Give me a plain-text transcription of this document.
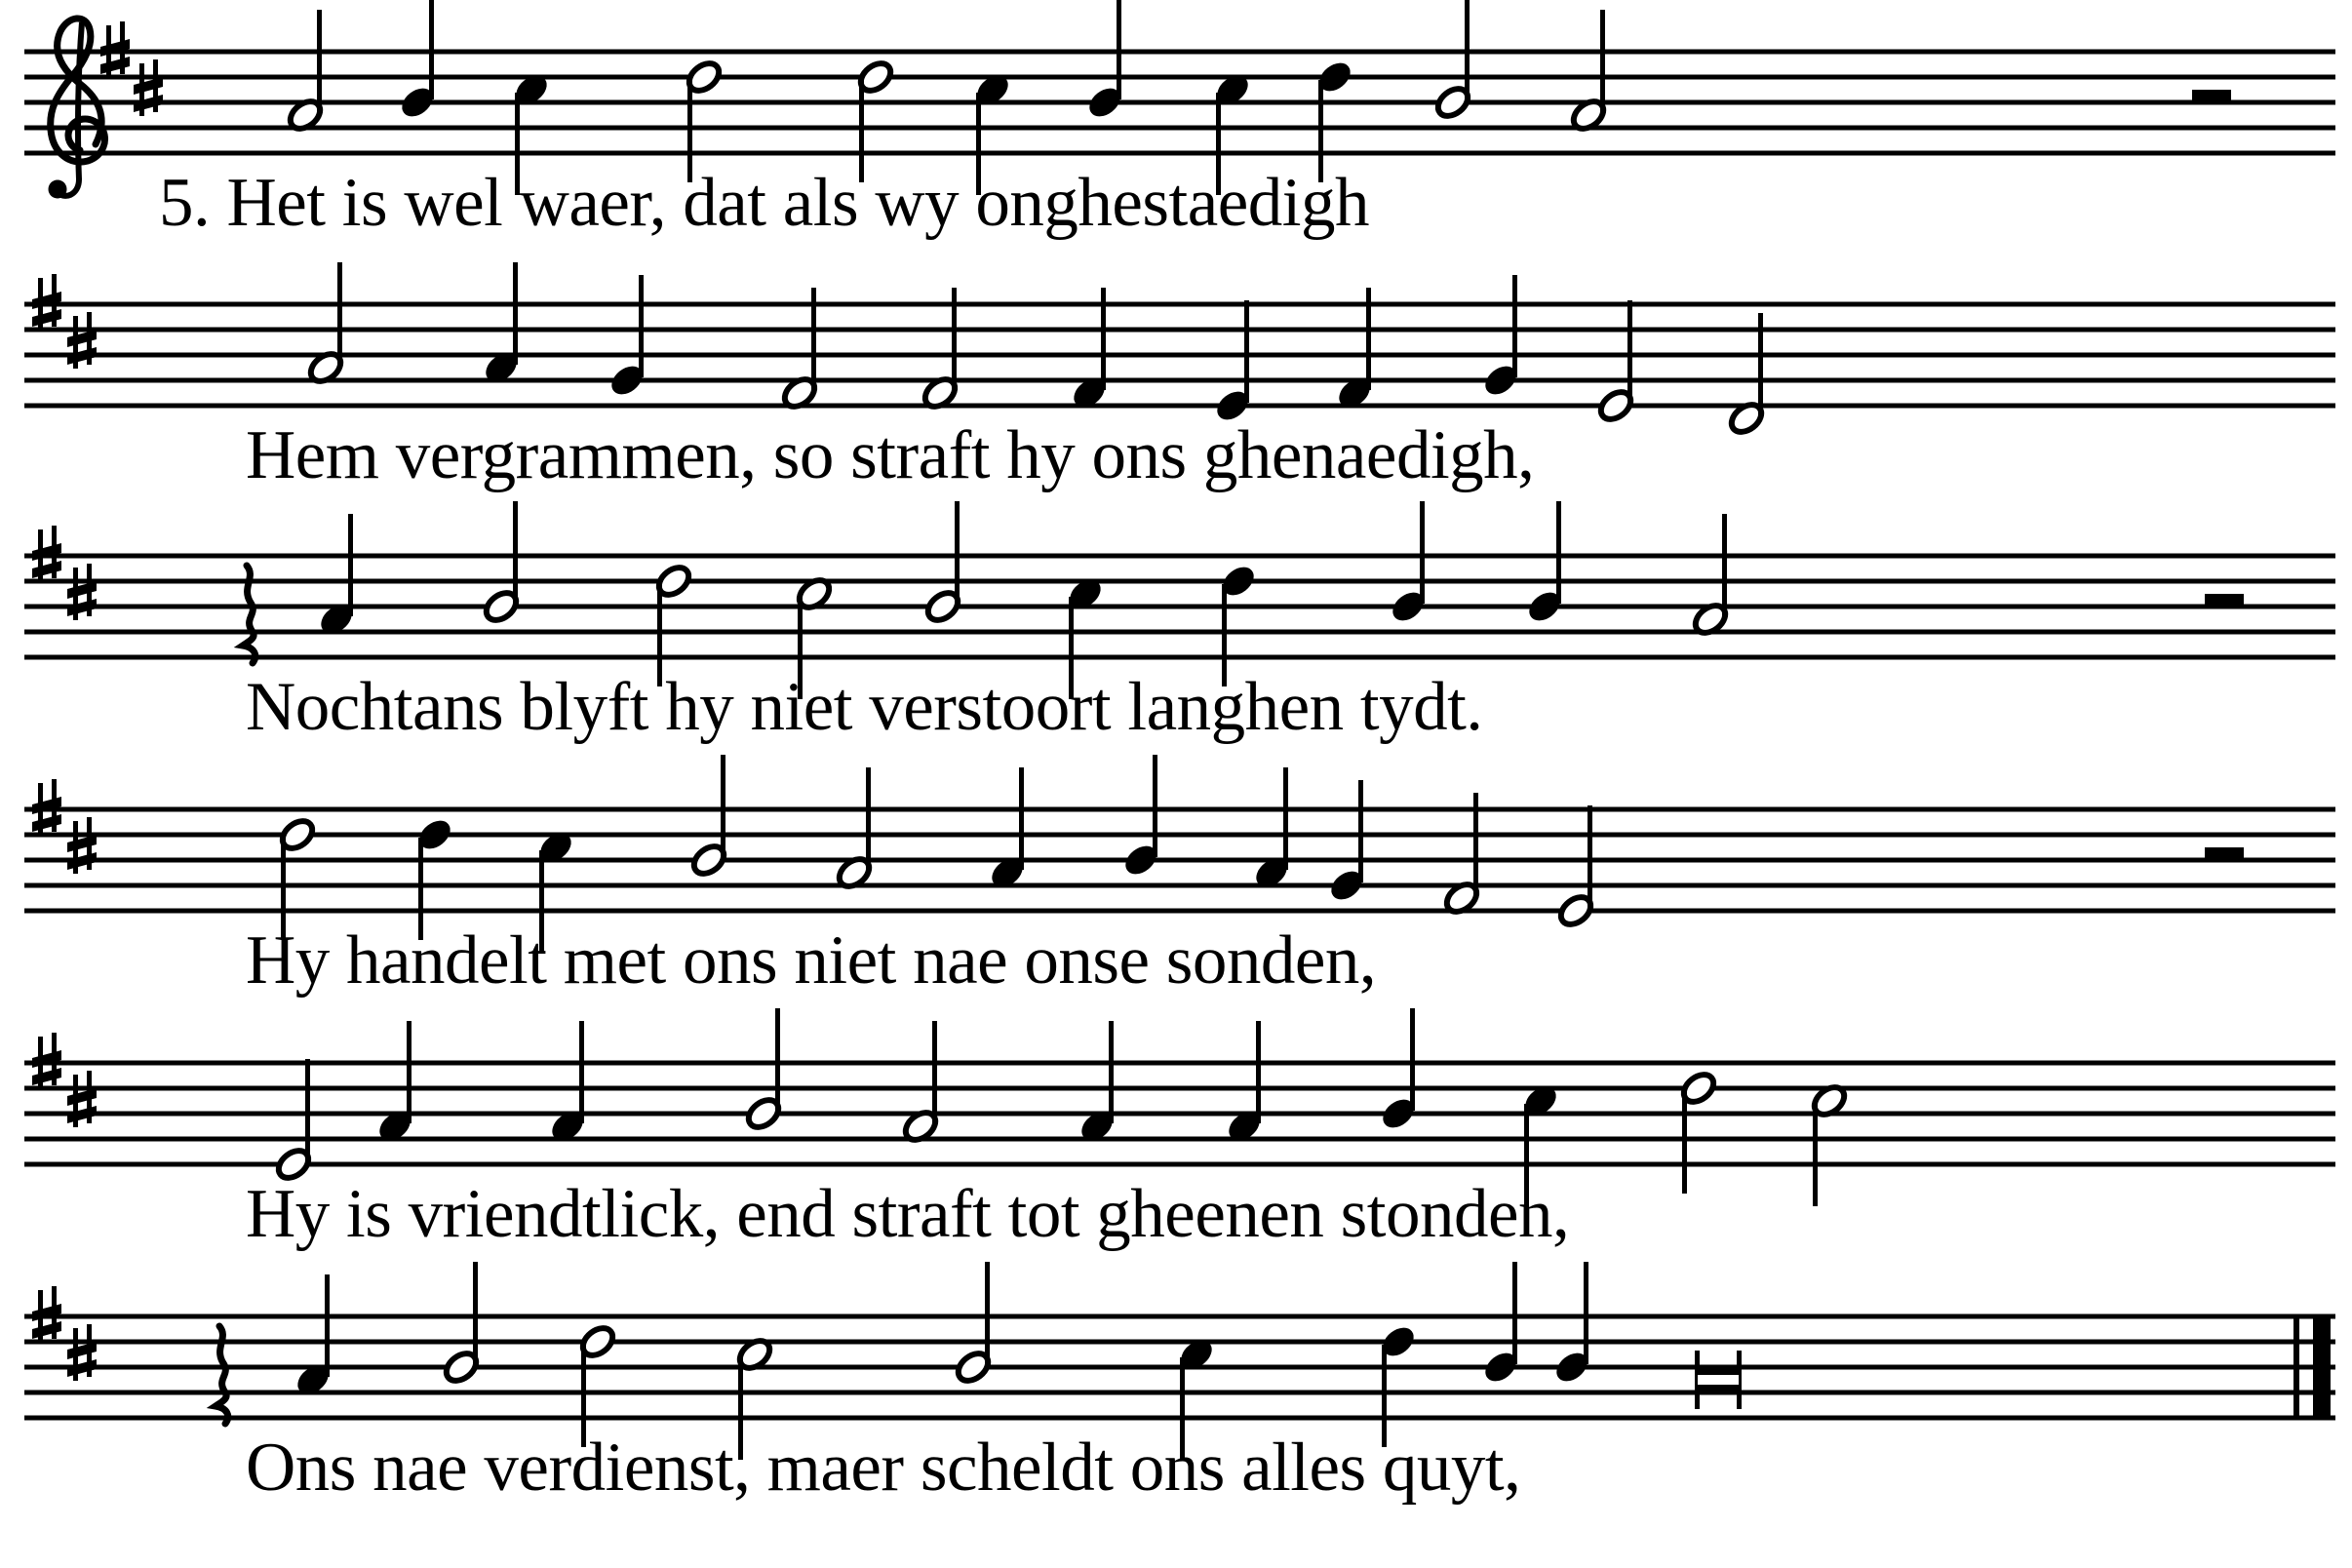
5. Het is wel waer, dat als wy onghestaedigh
Hem vergrammen, so straft hy ons ghenaedigh,
Nochtans blyft hy niet verstoort langhen tydt.
Hy handelt met ons niet nae onse sonden,
Hy is vriendtlick, end straft tot gheenen stonden,
Ons nae verdienst, maer scheldt ons alles quyt,
